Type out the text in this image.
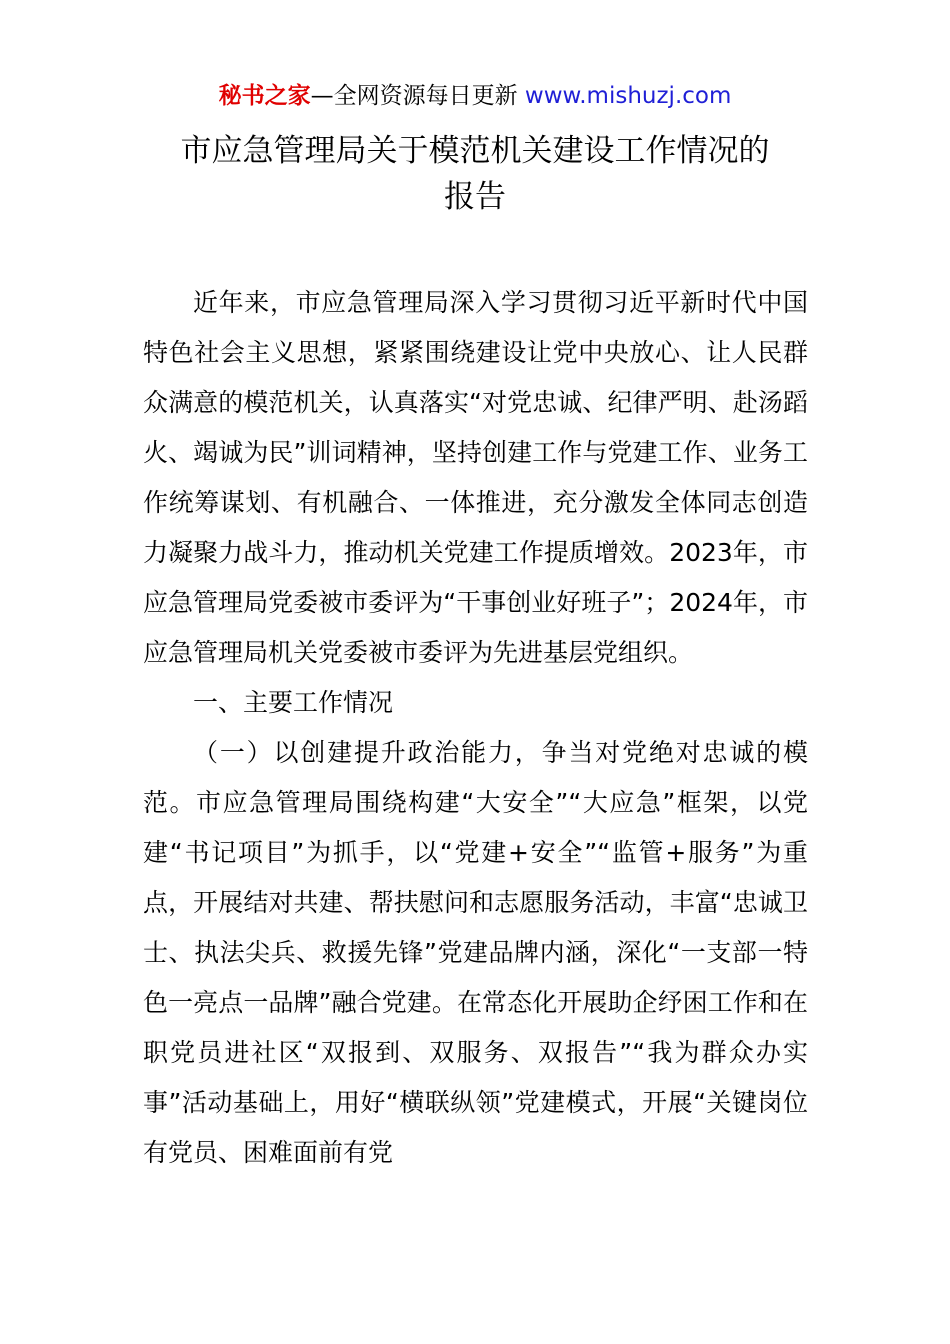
秘书之家—全网资源每日更新 www.mishuzj.com
市应急管理局关于模范机关建设工作情况的
报告

近年来，市应急管理局深入学习贯彻习近平新时代中国特色社会主义思想，紧紧围绕建设让党中央放心、让人民群众满意的模范机关，认真落实“对党忠诚、纪律严明、赴汤蹈火、竭诚为民”训词精神，坚持创建工作与党建工作、业务工作统筹谋划、有机融合、一体推进，充分激发全体同志创造力凝聚力战斗力，推动机关党建工作提质增效。2023年，市应急管理局党委被市委评为“干事创业好班子”；2024年，市应急管理局机关党委被市委评为先进基层党组织。

一、主要工作情况

（一）以创建提升政治能力，争当对党绝对忠诚的模范。市应急管理局围绕构建“大安全”“大应急”框架，以党建“书记项目”为抓手，以“党建+安全”“监管+服务”为重点，开展结对共建、帮扶慰问和志愿服务活动，丰富“忠诚卫士、执法尖兵、救援先锋”党建品牌内涵，深化“一支部一特色一亮点一品牌”融合党建。在常态化开展助企纾困工作和在职党员进社区“双报到、双服务、双报告”“我为群众办实事”活动基础上，用好“横联纵领”党建模式，开展“关键岗位有党员、困难面前有党
